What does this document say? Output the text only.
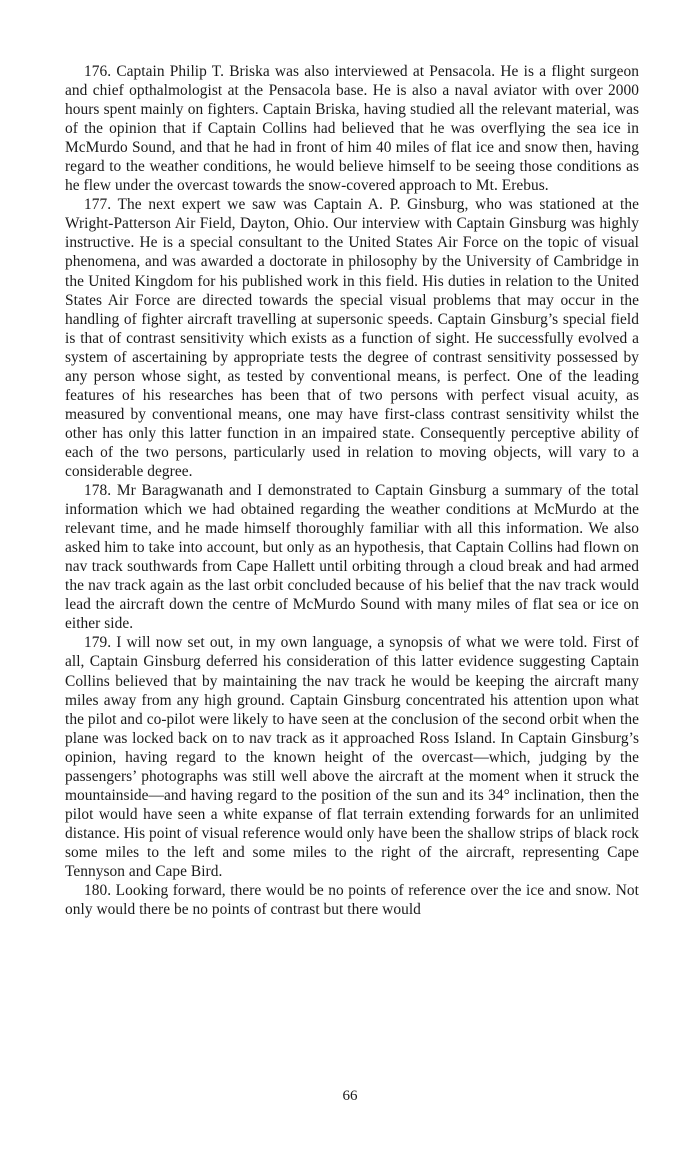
176. Captain Philip T. Briska was also interviewed at Pensacola. He is a flight surgeon and chief opthalmologist at the Pensacola base. He is also a naval aviator with over 2000 hours spent mainly on fighters. Captain Briska, having studied all the relevant material, was of the opinion that if Captain Collins had believed that he was overflying the sea ice in McMurdo Sound, and that he had in front of him 40 miles of flat ice and snow then, having regard to the weather conditions, he would believe himself to be seeing those conditions as he flew under the overcast towards the snow-covered approach to Mt. Erebus.

177. The next expert we saw was Captain A. P. Ginsburg, who was stationed at the Wright-Patterson Air Field, Dayton, Ohio. Our interview with Captain Ginsburg was highly instructive. He is a special consultant to the United States Air Force on the topic of visual phenomena, and was awarded a doctorate in philosophy by the University of Cambridge in the United Kingdom for his published work in this field. His duties in relation to the United States Air Force are directed towards the special visual problems that may occur in the handling of fighter aircraft travelling at supersonic speeds. Captain Ginsburg’s special field is that of contrast sensitivity which exists as a function of sight. He successfully evolved a system of ascertaining by appropriate tests the degree of contrast sensitivity possessed by any person whose sight, as tested by conventional means, is perfect. One of the leading features of his researches has been that of two persons with perfect visual acuity, as measured by conventional means, one may have first-class contrast sensitivity whilst the other has only this latter function in an impaired state. Consequently perceptive ability of each of the two persons, particularly used in relation to moving objects, will vary to a considerable degree.

178. Mr Baragwanath and I demonstrated to Captain Ginsburg a summary of the total information which we had obtained regarding the weather conditions at McMurdo at the relevant time, and he made himself thoroughly familiar with all this information. We also asked him to take into account, but only as an hypothesis, that Captain Collins had flown on nav track southwards from Cape Hallett until orbiting through a cloud break and had armed the nav track again as the last orbit concluded because of his belief that the nav track would lead the aircraft down the centre of McMurdo Sound with many miles of flat sea or ice on either side.

179. I will now set out, in my own language, a synopsis of what we were told. First of all, Captain Ginsburg deferred his consideration of this latter evidence suggesting Captain Collins believed that by maintaining the nav track he would be keeping the aircraft many miles away from any high ground. Captain Ginsburg concentrated his attention upon what the pilot and co-pilot were likely to have seen at the conclusion of the second orbit when the plane was locked back on to nav track as it approached Ross Island. In Captain Ginsburg’s opinion, having regard to the known height of the overcast—which, judging by the passengers’ photographs was still well above the aircraft at the moment when it struck the mountainside—and having regard to the position of the sun and its 34° inclination, then the pilot would have seen a white expanse of flat terrain extending forwards for an unlimited distance. His point of visual reference would only have been the shallow strips of black rock some miles to the left and some miles to the right of the aircraft, representing Cape Tennyson and Cape Bird.

180. Looking forward, there would be no points of reference over the ice and snow. Not only would there be no points of contrast but there would

66
